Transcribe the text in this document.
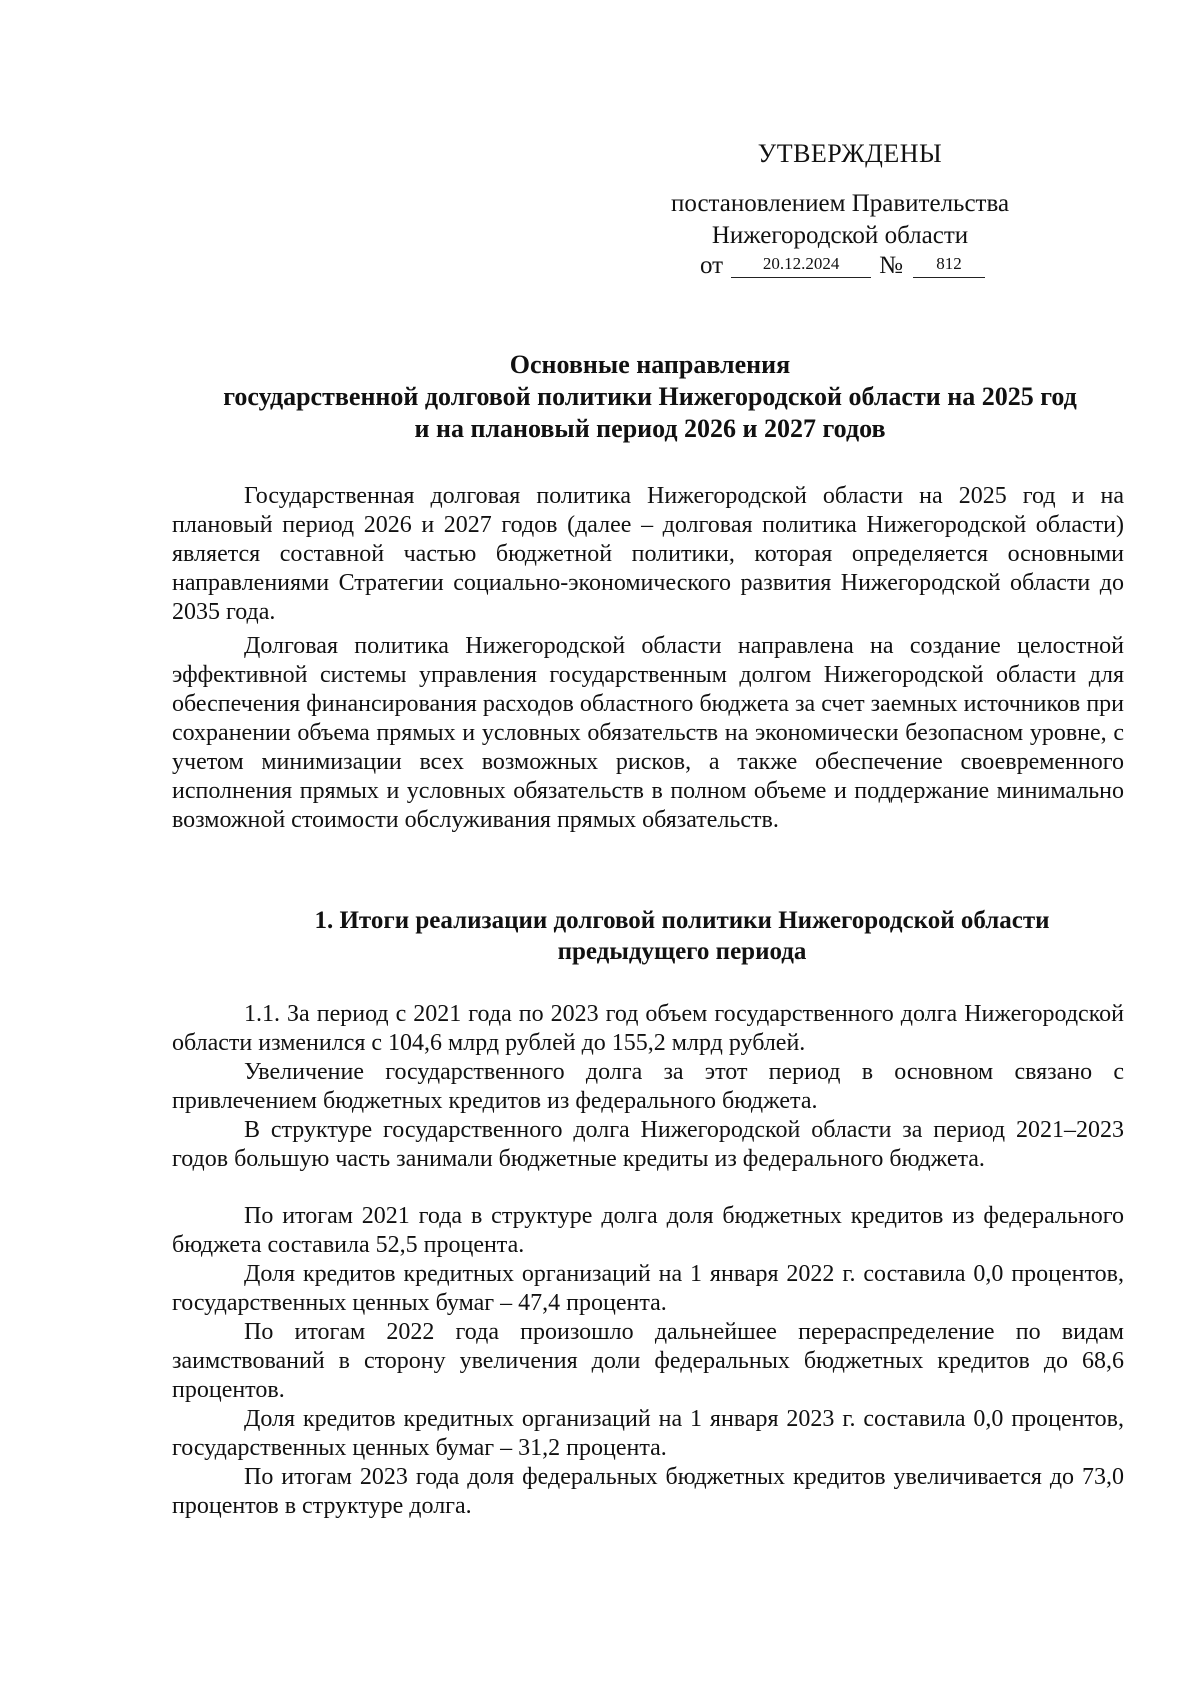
УТВЕРЖДЕНЫ
постановлением Правительства
Нижегородской области
от 20.12.2024 № 812
Основные направления
государственной долговой политики Нижегородской области на 2025 год
и на плановый период 2026 и 2027 годов
Государственная долговая политика Нижегородской области на 2025 год и на плановый период 2026 и 2027 годов (далее – долговая политика Нижегородской области) является составной частью бюджетной политики, которая определяется основными направлениями Стратегии социально-экономического развития Нижегородской области до 2035 года.
Долговая политика Нижегородской области направлена на создание целостной эффективной системы управления государственным долгом Нижегородской области для обеспечения финансирования расходов областного бюджета за счет заемных источников при сохранении объема прямых и условных обязательств на экономически безопасном уровне, с учетом минимизации всех возможных рисков, а также обеспечение своевременного исполнения прямых и условных обязательств в полном объеме и поддержание минимально возможной стоимости обслуживания прямых обязательств.
1. Итоги реализации долговой политики Нижегородской области
предыдущего периода
1.1. За период с 2021 года по 2023 год объем государственного долга Нижегородской области изменился с 104,6 млрд рублей до 155,2 млрд рублей.
Увеличение государственного долга за этот период в основном связано с привлечением бюджетных кредитов из федерального бюджета.
В структуре государственного долга Нижегородской области за период 2021–2023 годов большую часть занимали бюджетные кредиты из федерального бюджета.
По итогам 2021 года в структуре долга доля бюджетных кредитов из федерального бюджета составила 52,5 процента.
Доля кредитов кредитных организаций на 1 января 2022 г. составила 0,0 процентов, государственных ценных бумаг – 47,4 процента.
По итогам 2022 года произошло дальнейшее перераспределение по видам заимствований в сторону увеличения доли федеральных бюджетных кредитов до 68,6 процентов.
Доля кредитов кредитных организаций на 1 января 2023 г. составила 0,0 процентов, государственных ценных бумаг – 31,2 процента.
По итогам 2023 года доля федеральных бюджетных кредитов увеличивается до 73,0 процентов в структуре долга.
